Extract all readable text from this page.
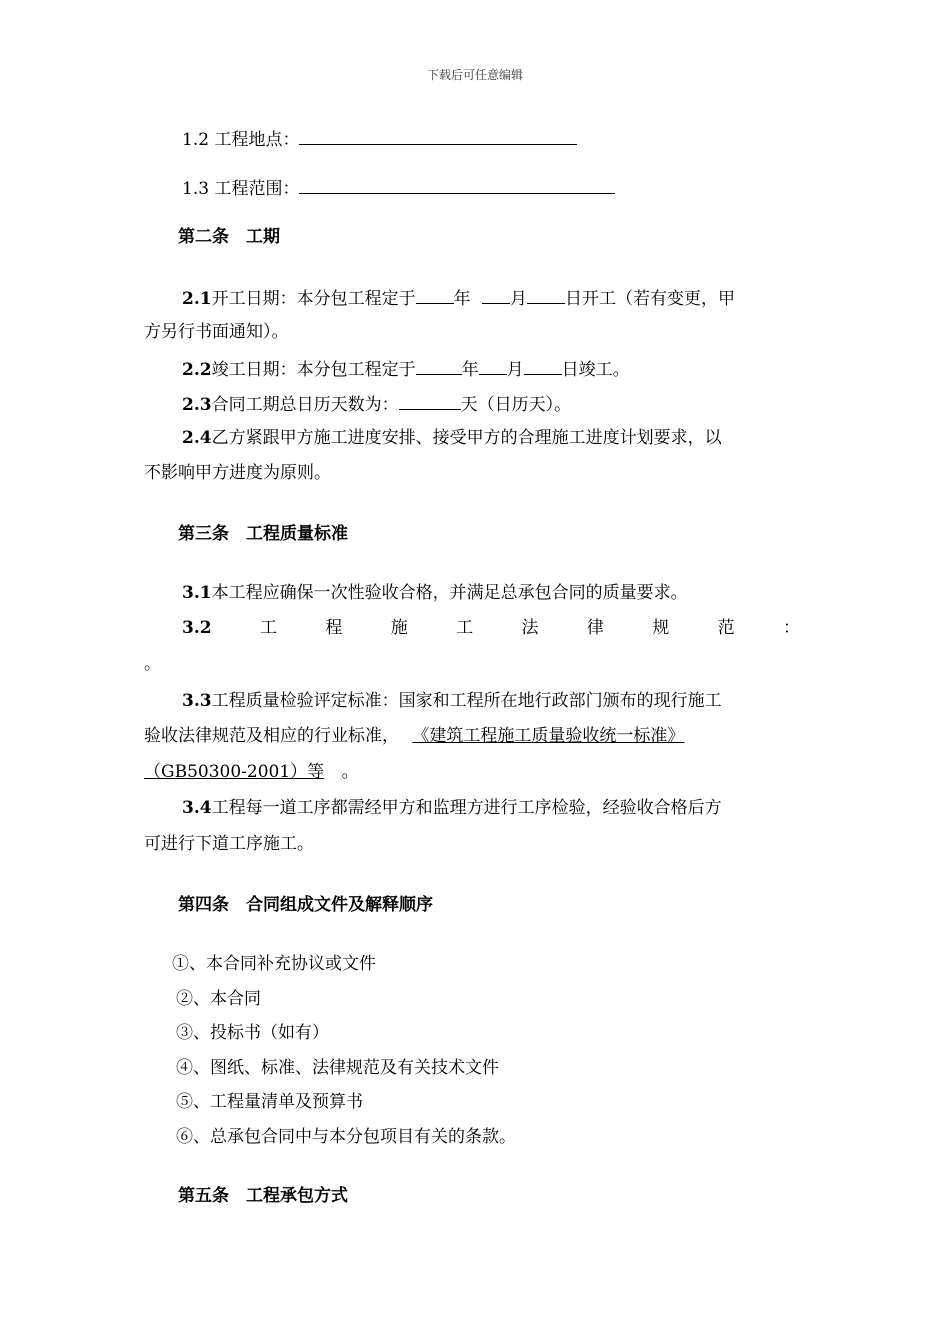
下载后可任意编辑
1.2 工程地点：
1.3 工程范围：
第二条　工期
2.1开工日期：本分包工程定于 年 月 日开工（若有变更，甲
方另行书面通知）。
2.2竣工日期：本分包工程定于	年 月 日竣工。
2.3合同工期总日历天数为：	天（日历天）。
2.4乙方紧跟甲方施工进度安排、接受甲方的合理施工进度计划要求，以
不影响甲方进度为原则。
第三条　工程质量标准
3.1本工程应确保一次性验收合格，并满足总承包合同的质量要求。
3.2	工	程	施	工	法	律	规	范	：
。
3.3工程质量检验评定标准：国家和工程所在地行政部门颁布的现行施工
验收法律规范及相应的行业标准， 《建筑工程施工质量验收统一标准》
（GB50300-2001）等 。
3.4工程每一道工序都需经甲方和监理方进行工序检验，经验收合格后方
可进行下道工序施工。
第四条　合同组成文件及解释顺序
①、本合同补充协议或文件
②、本合同
③、投标书（如有）
④、图纸、标准、法律规范及有关技术文件
⑤、工程量清单及预算书
⑥、总承包合同中与本分包项目有关的条款。
第五条　工程承包方式
